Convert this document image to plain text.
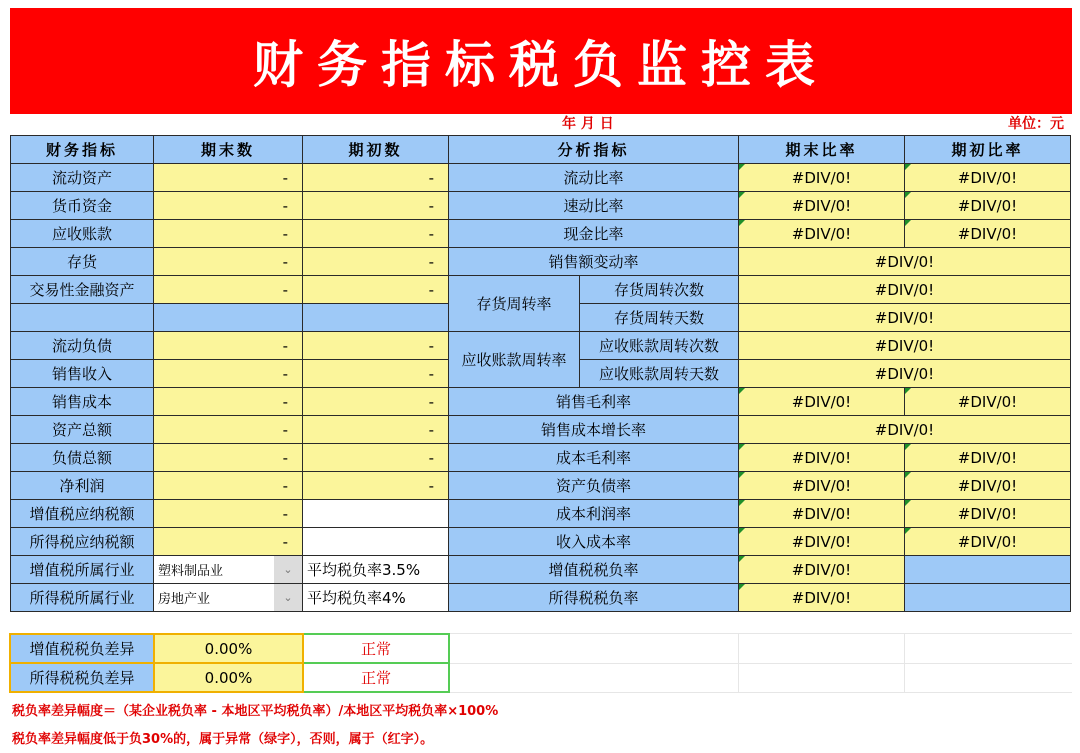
财务指标税负监控表
年 月 日	单位：元
财务指标	期末数	期初数	分析指标		期末比率	期初比率
流动资产	-	-	流动比率		#DIV/0!	#DIV/0!
货币资金	-	-	速动比率		#DIV/0!	#DIV/0!
应收账款	-	-	现金比率		#DIV/0!	#DIV/0!
存货	-	-	销售额变动率		#DIV/0!	
交易性金融资产	-	-	存货周转率	存货周转次数	#DIV/0!	
				存货周转天数	#DIV/0!	
流动负债	-	-	应收账款周转率	应收账款周转次数	#DIV/0!	
销售收入	-	-		应收账款周转天数	#DIV/0!	
销售成本	-	-	销售毛利率		#DIV/0!	#DIV/0!
资产总额	-	-	销售成本增长率		#DIV/0!	
负债总额	-	-	成本毛利率		#DIV/0!	#DIV/0!
净利润	-	-	资产负债率		#DIV/0!	#DIV/0!
增值税应纳税额	-		成本利润率		#DIV/0!	#DIV/0!
所得税应纳税额	-		收入成本率		#DIV/0!	#DIV/0!
增值税所属行业	塑料制品业 ⌄	平均税负率3.5%	增值税税负率		#DIV/0!	
所得税所属行业	房地产业 ⌄	平均税负率4%	所得税税负率		#DIV/0!	
增值税税负差异	0.00%	正常
所得税税负差异	0.00%	正常
税负率差异幅度＝（某企业税负率 - 本地区平均税负率）/本地区平均税负率×100%
税负率差异幅度低于负30%的，属于异常（绿字），否则，属于（红字）。
